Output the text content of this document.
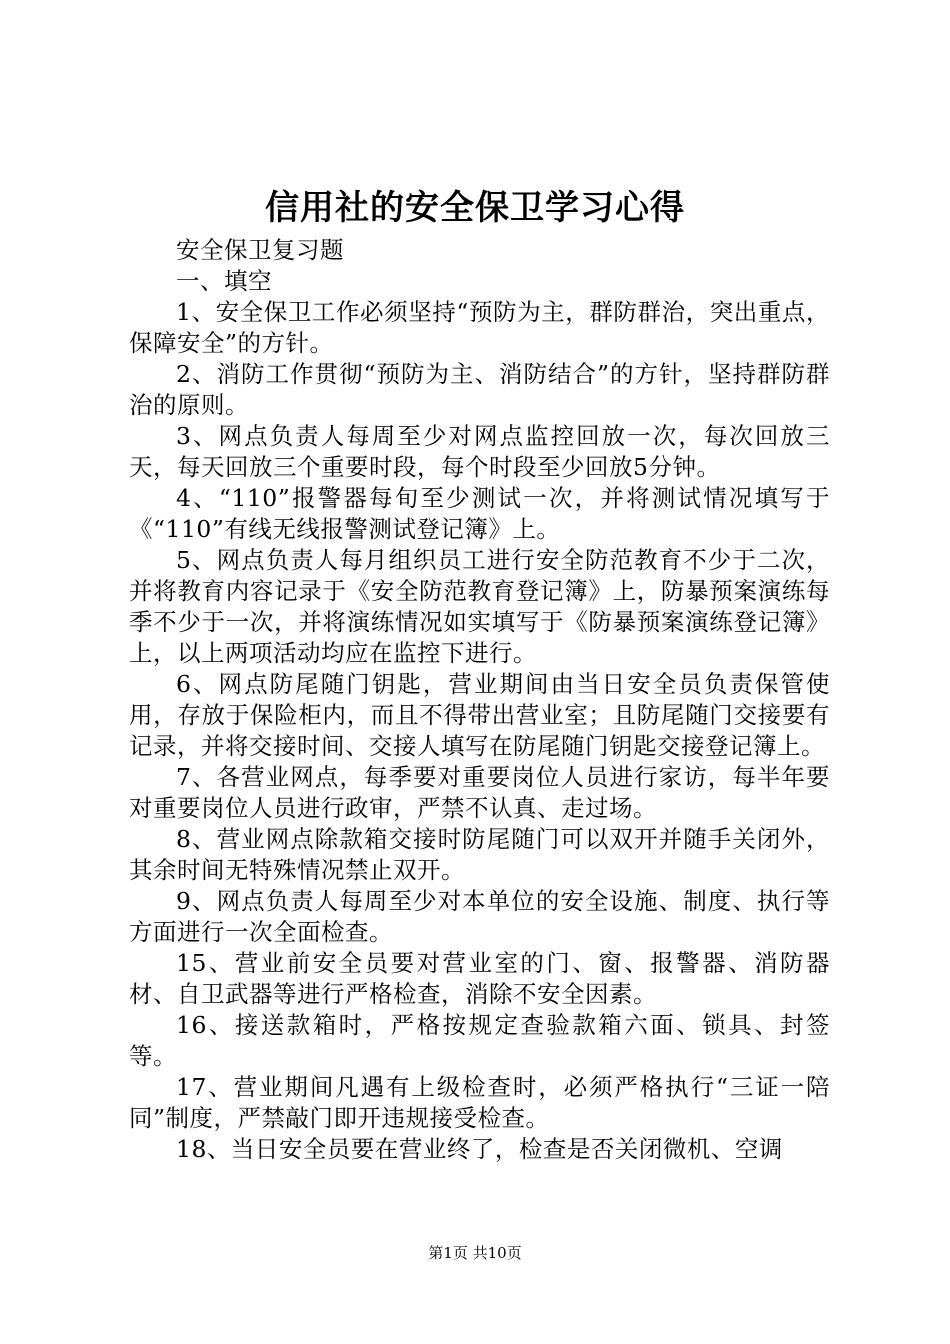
信用社的安全保卫学习心得

安全保卫复习题

一、填空

1、安全保卫工作必须坚持“预防为主，群防群治，突出重点，保障安全”的方针。

2、消防工作贯彻“预防为主、消防结合”的方针，坚持群防群治的原则。

3、网点负责人每周至少对网点监控回放一次，每次回放三天，每天回放三个重要时段，每个时段至少回放5分钟。

4、“110”报警器每旬至少测试一次，并将测试情况填写于《“110”有线无线报警测试登记簿》上。

5、网点负责人每月组织员工进行安全防范教育不少于二次，并将教育内容记录于《安全防范教育登记簿》上，防暴预案演练每季不少于一次，并将演练情况如实填写于《防暴预案演练登记簿》上，以上两项活动均应在监控下进行。

6、网点防尾随门钥匙，营业期间由当日安全员负责保管使用，存放于保险柜内，而且不得带出营业室；且防尾随门交接要有记录，并将交接时间、交接人填写在防尾随门钥匙交接登记簿上。

7、各营业网点，每季要对重要岗位人员进行家访，每半年要对重要岗位人员进行政审，严禁不认真、走过场。

8、营业网点除款箱交接时防尾随门可以双开并随手关闭外，其余时间无特殊情况禁止双开。

9、网点负责人每周至少对本单位的安全设施、制度、执行等方面进行一次全面检查。

15、营业前安全员要对营业室的门、窗、报警器、消防器材、自卫武器等进行严格检查，消除不安全因素。

16、接送款箱时，严格按规定查验款箱六面、锁具、封签等。

17、营业期间凡遇有上级检查时，必须严格执行“三证一陪同”制度，严禁敲门即开违规接受检查。

18、当日安全员要在营业终了，检查是否关闭微机、空调

第1页 共10页
